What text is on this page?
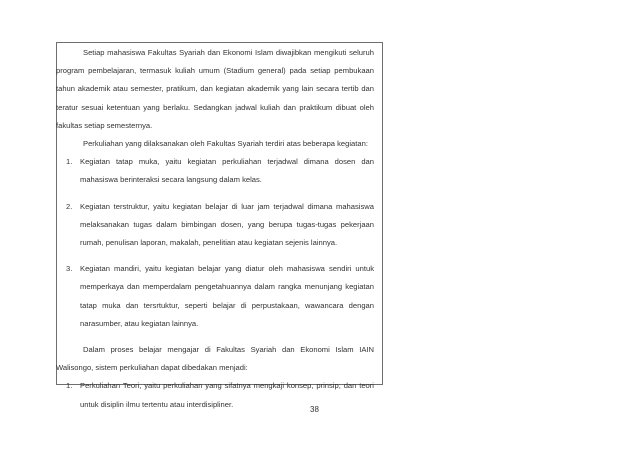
Setiap mahasiswa Fakultas Syariah dan Ekonomi Islam diwajibkan mengikuti seluruh program pembelajaran, termasuk kuliah umum (Stadium general) pada setiap pembukaan tahun akademik atau semester, pratikum, dan kegiatan akademik yang lain secara tertib dan teratur sesuai ketentuan yang berlaku. Sedangkan jadwal kuliah dan praktikum dibuat oleh fakultas setiap semesternya.

Perkuliahan yang dilaksanakan oleh Fakultas Syariah terdiri atas beberapa kegiatan:

1. Kegiatan tatap muka, yaitu kegiatan perkuliahan terjadwal dimana dosen dan mahasiswa berinteraksi secara langsung dalam kelas.
2. Kegiatan terstruktur, yaitu kegiatan belajar di luar jam terjadwal dimana mahasiswa melaksanakan tugas dalam bimbingan dosen, yang berupa tugas-tugas pekerjaan rumah, penulisan laporan, makalah, penelitian atau kegiatan sejenis lainnya.
3. Kegiatan mandiri, yaitu kegiatan belajar yang diatur oleh mahasiswa sendiri untuk memperkaya dan memperdalam pengetahuannya dalam rangka menunjang kegiatan tatap muka dan tersrtuktur, seperti belajar di perpustakaan, wawancara dengan narasumber, atau kegiatan lainnya.

Dalam proses belajar mengajar di Fakultas Syariah dan Ekonomi Islam IAIN Walisongo, sistem perkuliahan dapat dibedakan menjadi:

1. Perkuliahan Teori, yaitu perkuliahan yang sifatnya mengkaji konsep, prinsip, dan teori untuk disiplin ilmu tertentu atau interdisipliner.
38
